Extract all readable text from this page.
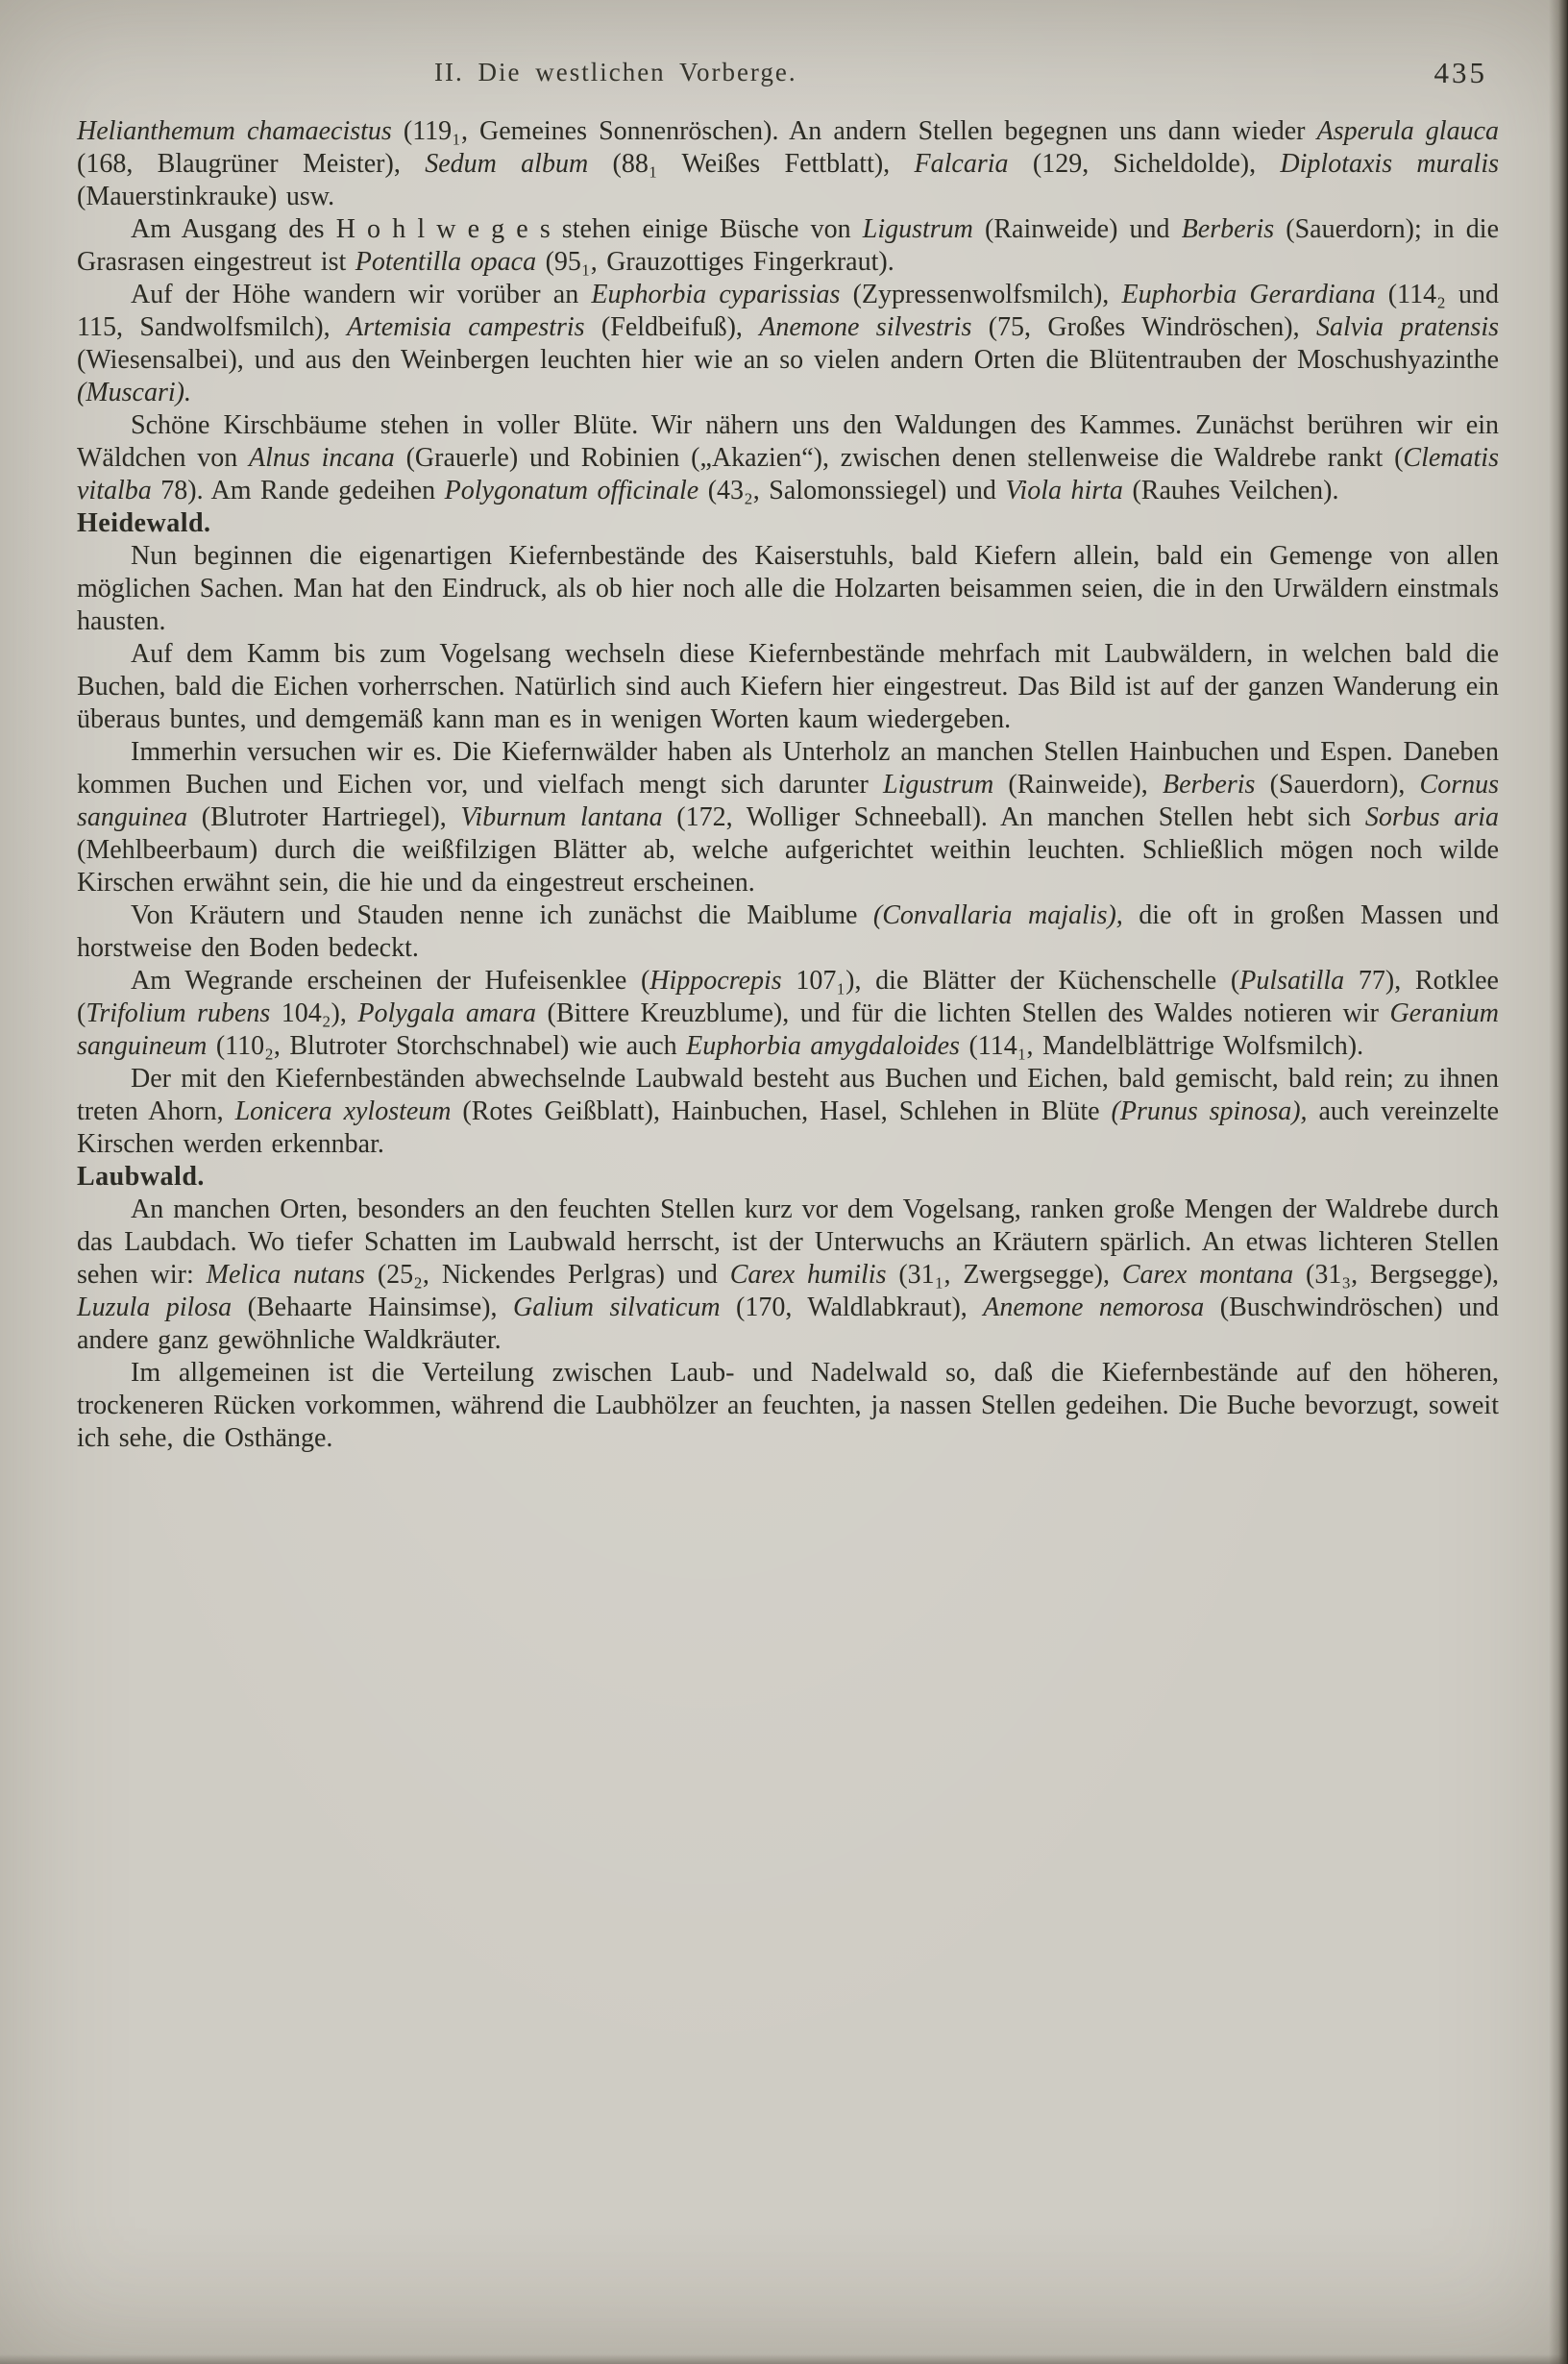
II. Die westlichen Vorberge.	435

Helianthemum chamaecistus (119₁, Gemeines Sonnenröschen). An andern Stellen begegnen uns dann wieder Asperula glauca (168, Blaugrüner Meister), Sedum album (88₁ Weißes Fettblatt), Falcaria (129, Sicheldolde), Diplotaxis muralis (Mauerstinkrauke) usw.

Am Ausgang des H o h l w e g e s stehen einige Büsche von Ligustrum (Rainweide) und Berberis (Sauerdorn); in die Grasrasen eingestreut ist Potentilla opaca (95₁, Grauzottiges Fingerkraut).

Auf der Höhe wandern wir vorüber an Euphorbia cyparissias (Zypressenwolfsmilch), Euphorbia Gerardiana (114₂ und 115, Sandwolfsmilch), Artemisia campestris (Feldbeifuß), Anemone silvestris (75, Großes Windröschen), Salvia pratensis (Wiesensalbei), und aus den Weinbergen leuchten hier wie an so vielen andern Orten die Blütentrauben der Moschushyazinthe (Muscari).

Schöne Kirschbäume stehen in voller Blüte. Wir nähern uns den Waldungen des Kammes. Zunächst berühren wir ein Wäldchen von Alnus incana (Grauerle) und Robinien („Akazien“), zwischen denen stellenweise die Waldrebe rankt (Clematis vitalba 78). Am Rande gedeihen Polygonatum officinale (43₂, Salomonssiegel) und Viola hirta (Rauhes Veilchen).

Heidewald.

Nun beginnen die eigenartigen Kiefernbestände des Kaiserstuhls, bald Kiefern allein, bald ein Gemenge von allen möglichen Sachen. Man hat den Eindruck, als ob hier noch alle die Holzarten beisammen seien, die in den Urwäldern einstmals hausten.

Auf dem Kamm bis zum Vogelsang wechseln diese Kiefernbestände mehrfach mit Laubwäldern, in welchen bald die Buchen, bald die Eichen vorherrschen. Natürlich sind auch Kiefern hier eingestreut. Das Bild ist auf der ganzen Wanderung ein überaus buntes, und demgemäß kann man es in wenigen Worten kaum wiedergeben.

Immerhin versuchen wir es. Die Kiefernwälder haben als Unterholz an manchen Stellen Hainbuchen und Espen. Daneben kommen Buchen und Eichen vor, und vielfach mengt sich darunter Ligustrum (Rainweide), Berberis (Sauerdorn), Cornus sanguinea (Blutroter Hartriegel), Viburnum lantana (172, Wolliger Schneeball). An manchen Stellen hebt sich Sorbus aria (Mehlbeerbaum) durch die weißfilzigen Blätter ab, welche aufgerichtet weithin leuchten. Schließlich mögen noch wilde Kirschen erwähnt sein, die hie und da eingestreut erscheinen.

Von Kräutern und Stauden nenne ich zunächst die Maiblume (Convallaria majalis), die oft in großen Massen und horstweise den Boden bedeckt.

Am Wegrande erscheinen der Hufeisenklee (Hippocrepis 107₁), die Blätter der Küchenschelle (Pulsatilla 77), Rotklee (Trifolium rubens 104₂), Polygala amara (Bittere Kreuzblume), und für die lichten Stellen des Waldes notieren wir Geranium sanguineum (110₂, Blutroter Storchschnabel) wie auch Euphorbia amygdaloides (114₁, Mandelblättrige Wolfsmilch).

Der mit den Kiefernbeständen abwechselnde Laubwald besteht aus Buchen und Eichen, bald gemischt, bald rein; zu ihnen treten Ahorn, Lonicera xylosteum (Rotes Geißblatt), Hainbuchen, Hasel, Schlehen in Blüte (Prunus spinosa), auch vereinzelte Kirschen werden erkennbar.

Laubwald.

An manchen Orten, besonders an den feuchten Stellen kurz vor dem Vogelsang, ranken große Mengen der Waldrebe durch das Laubdach. Wo tiefer Schatten im Laubwald herrscht, ist der Unterwuchs an Kräutern spärlich. An etwas lichteren Stellen sehen wir: Melica nutans (25₂, Nickendes Perlgras) und Carex humilis (31₁, Zwergsegge), Carex montana (31₃, Bergsegge), Luzula pilosa (Behaarte Hainsimse), Galium silvaticum (170, Waldlabkraut), Anemone nemorosa (Buschwindröschen) und andere ganz gewöhnliche Waldkräuter.

Im allgemeinen ist die Verteilung zwischen Laub- und Nadelwald so, daß die Kiefernbestände auf den höheren, trockeneren Rücken vorkommen, während die Laubhölzer an feuchten, ja nassen Stellen gedeihen. Die Buche bevorzugt, soweit ich sehe, die Osthänge.
